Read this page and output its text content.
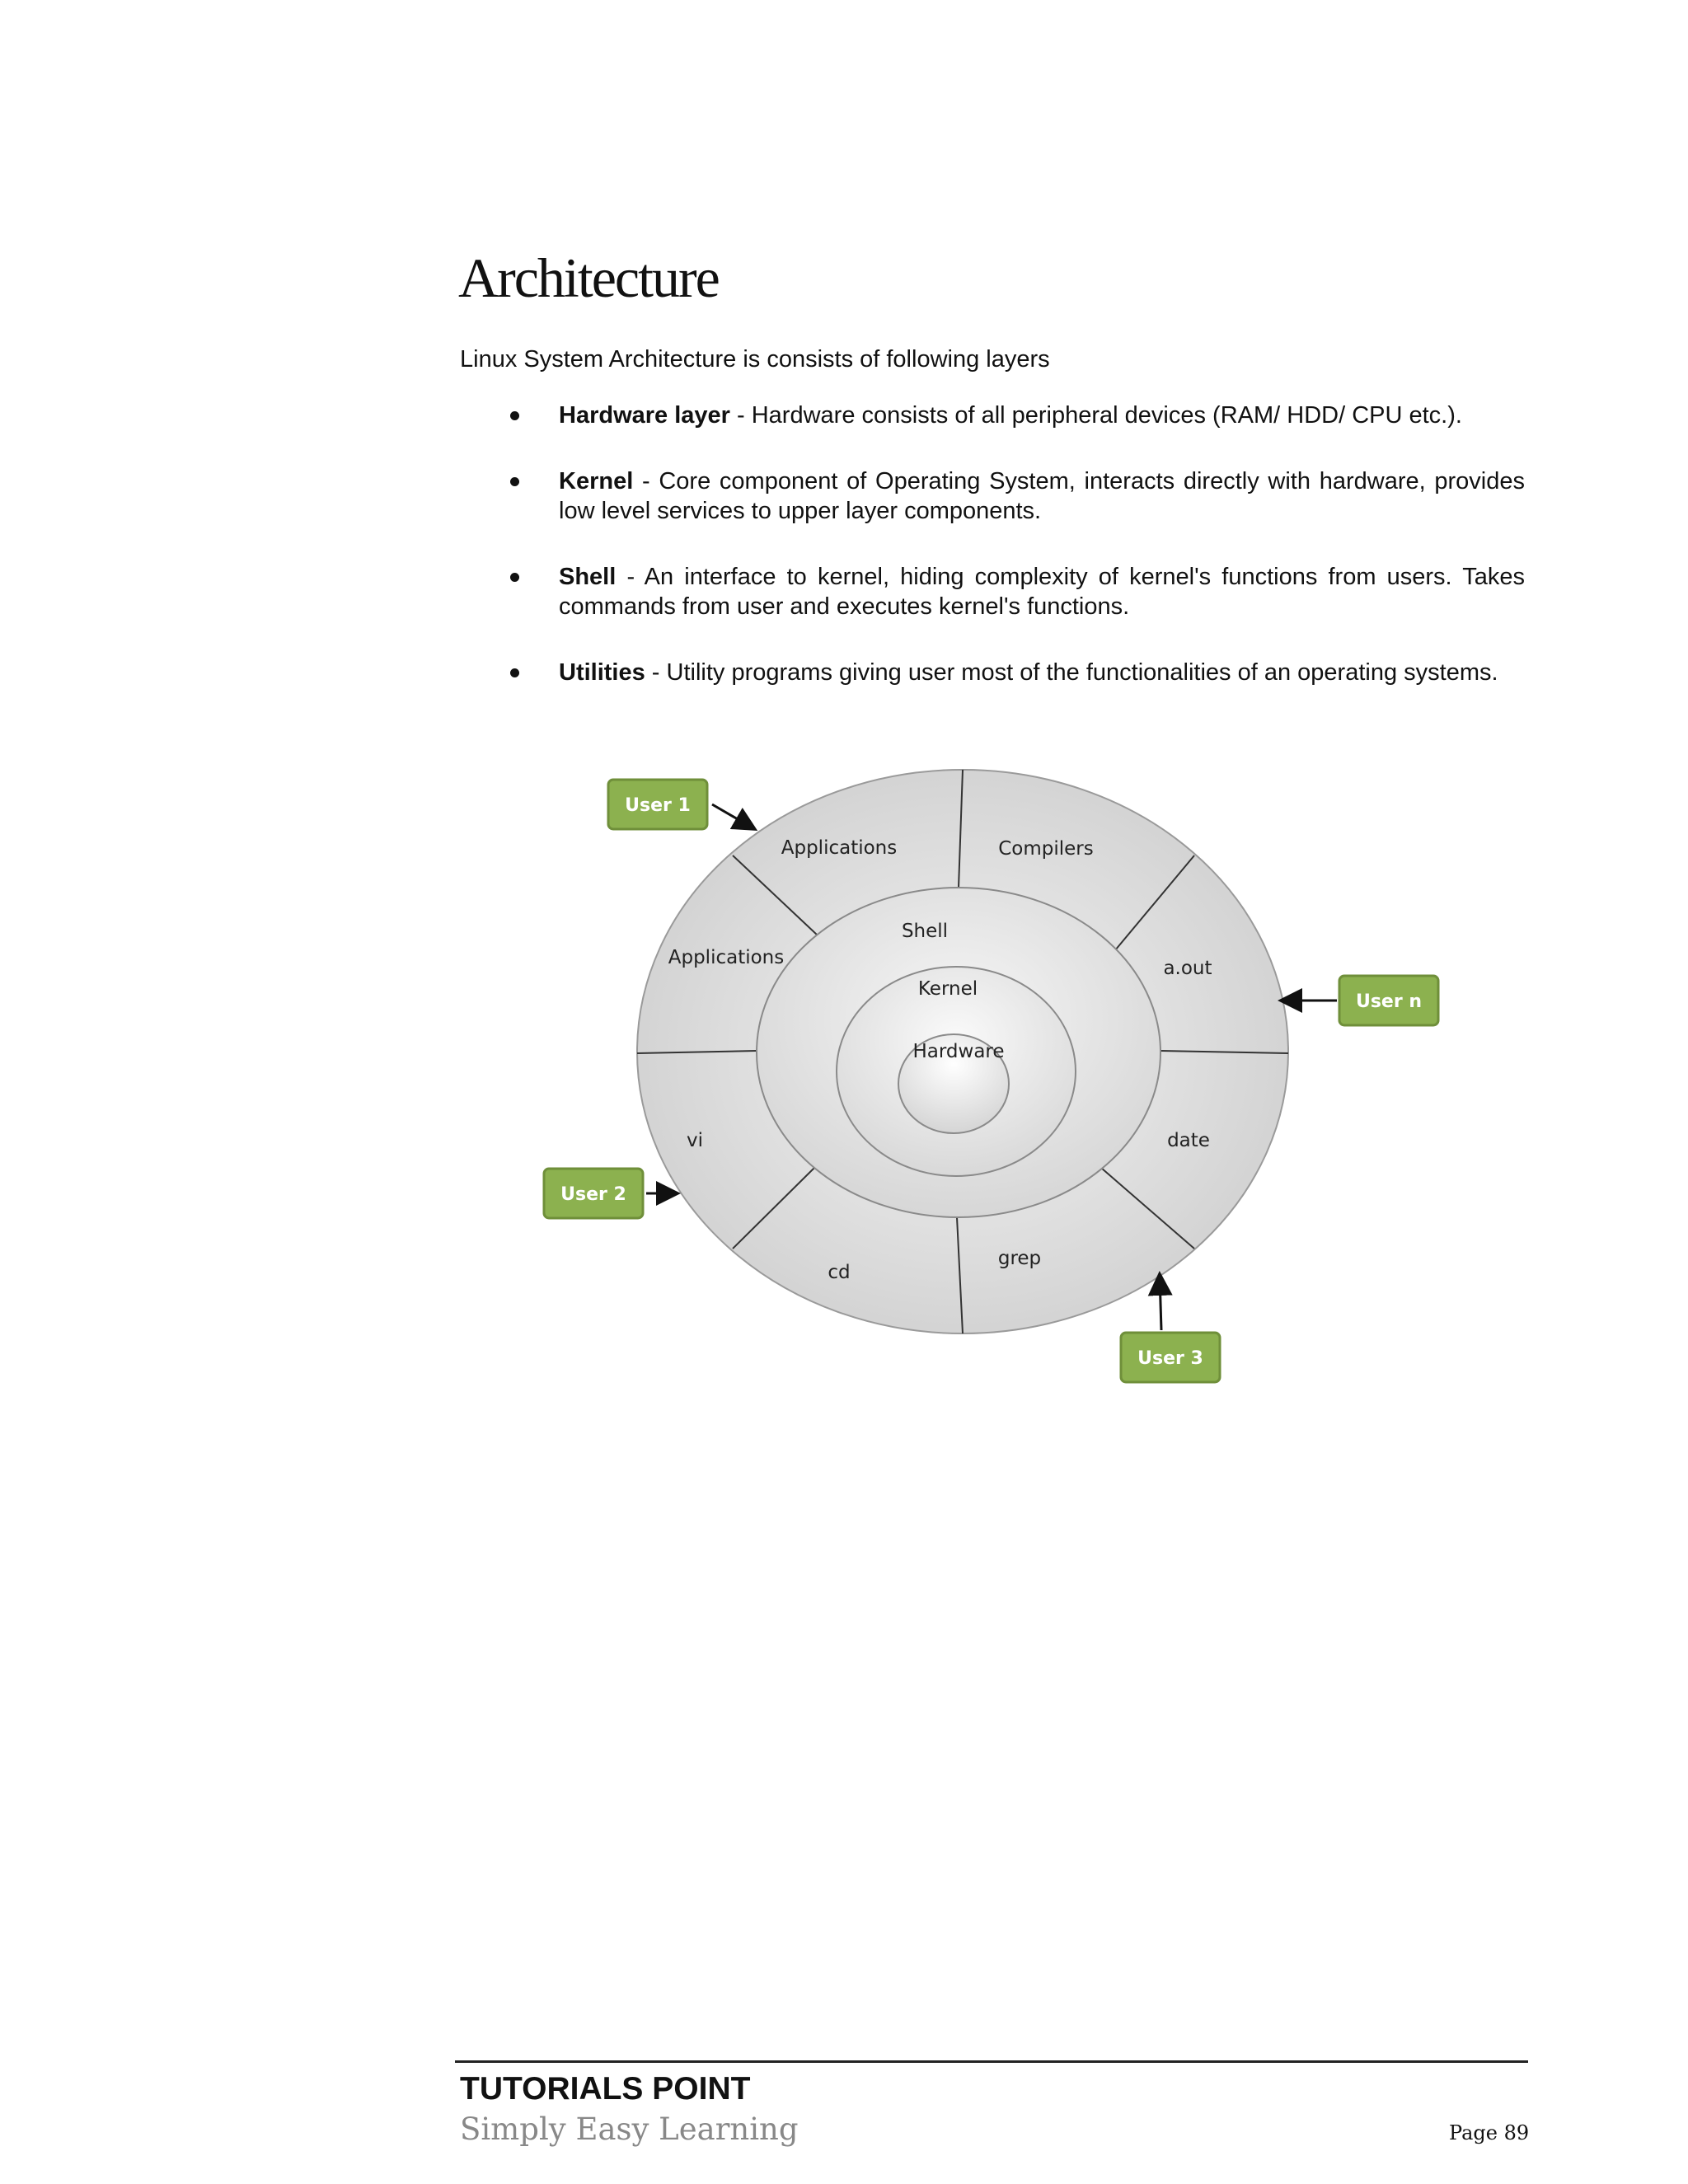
Architecture

Linux System Architecture is consists of following layers

Hardware layer - Hardware consists of all peripheral devices (RAM/ HDD/ CPU etc.).
Kernel - Core component of Operating System, interacts directly with hardware, provides low level services to upper layer components.
Shell - An interface to kernel, hiding complexity of kernel's functions from users. Takes commands from user and executes kernel's functions.
Utilities - Utility programs giving user most of the functionalities of an operating systems.
Applications	Compilers
Applications	a.out
vi	date
cd
grep
Shell
Kernel
Hardware
User 1
User n
User 2
User 3

TUTORIALS POINT

Simply Easy Learning	Page 89
